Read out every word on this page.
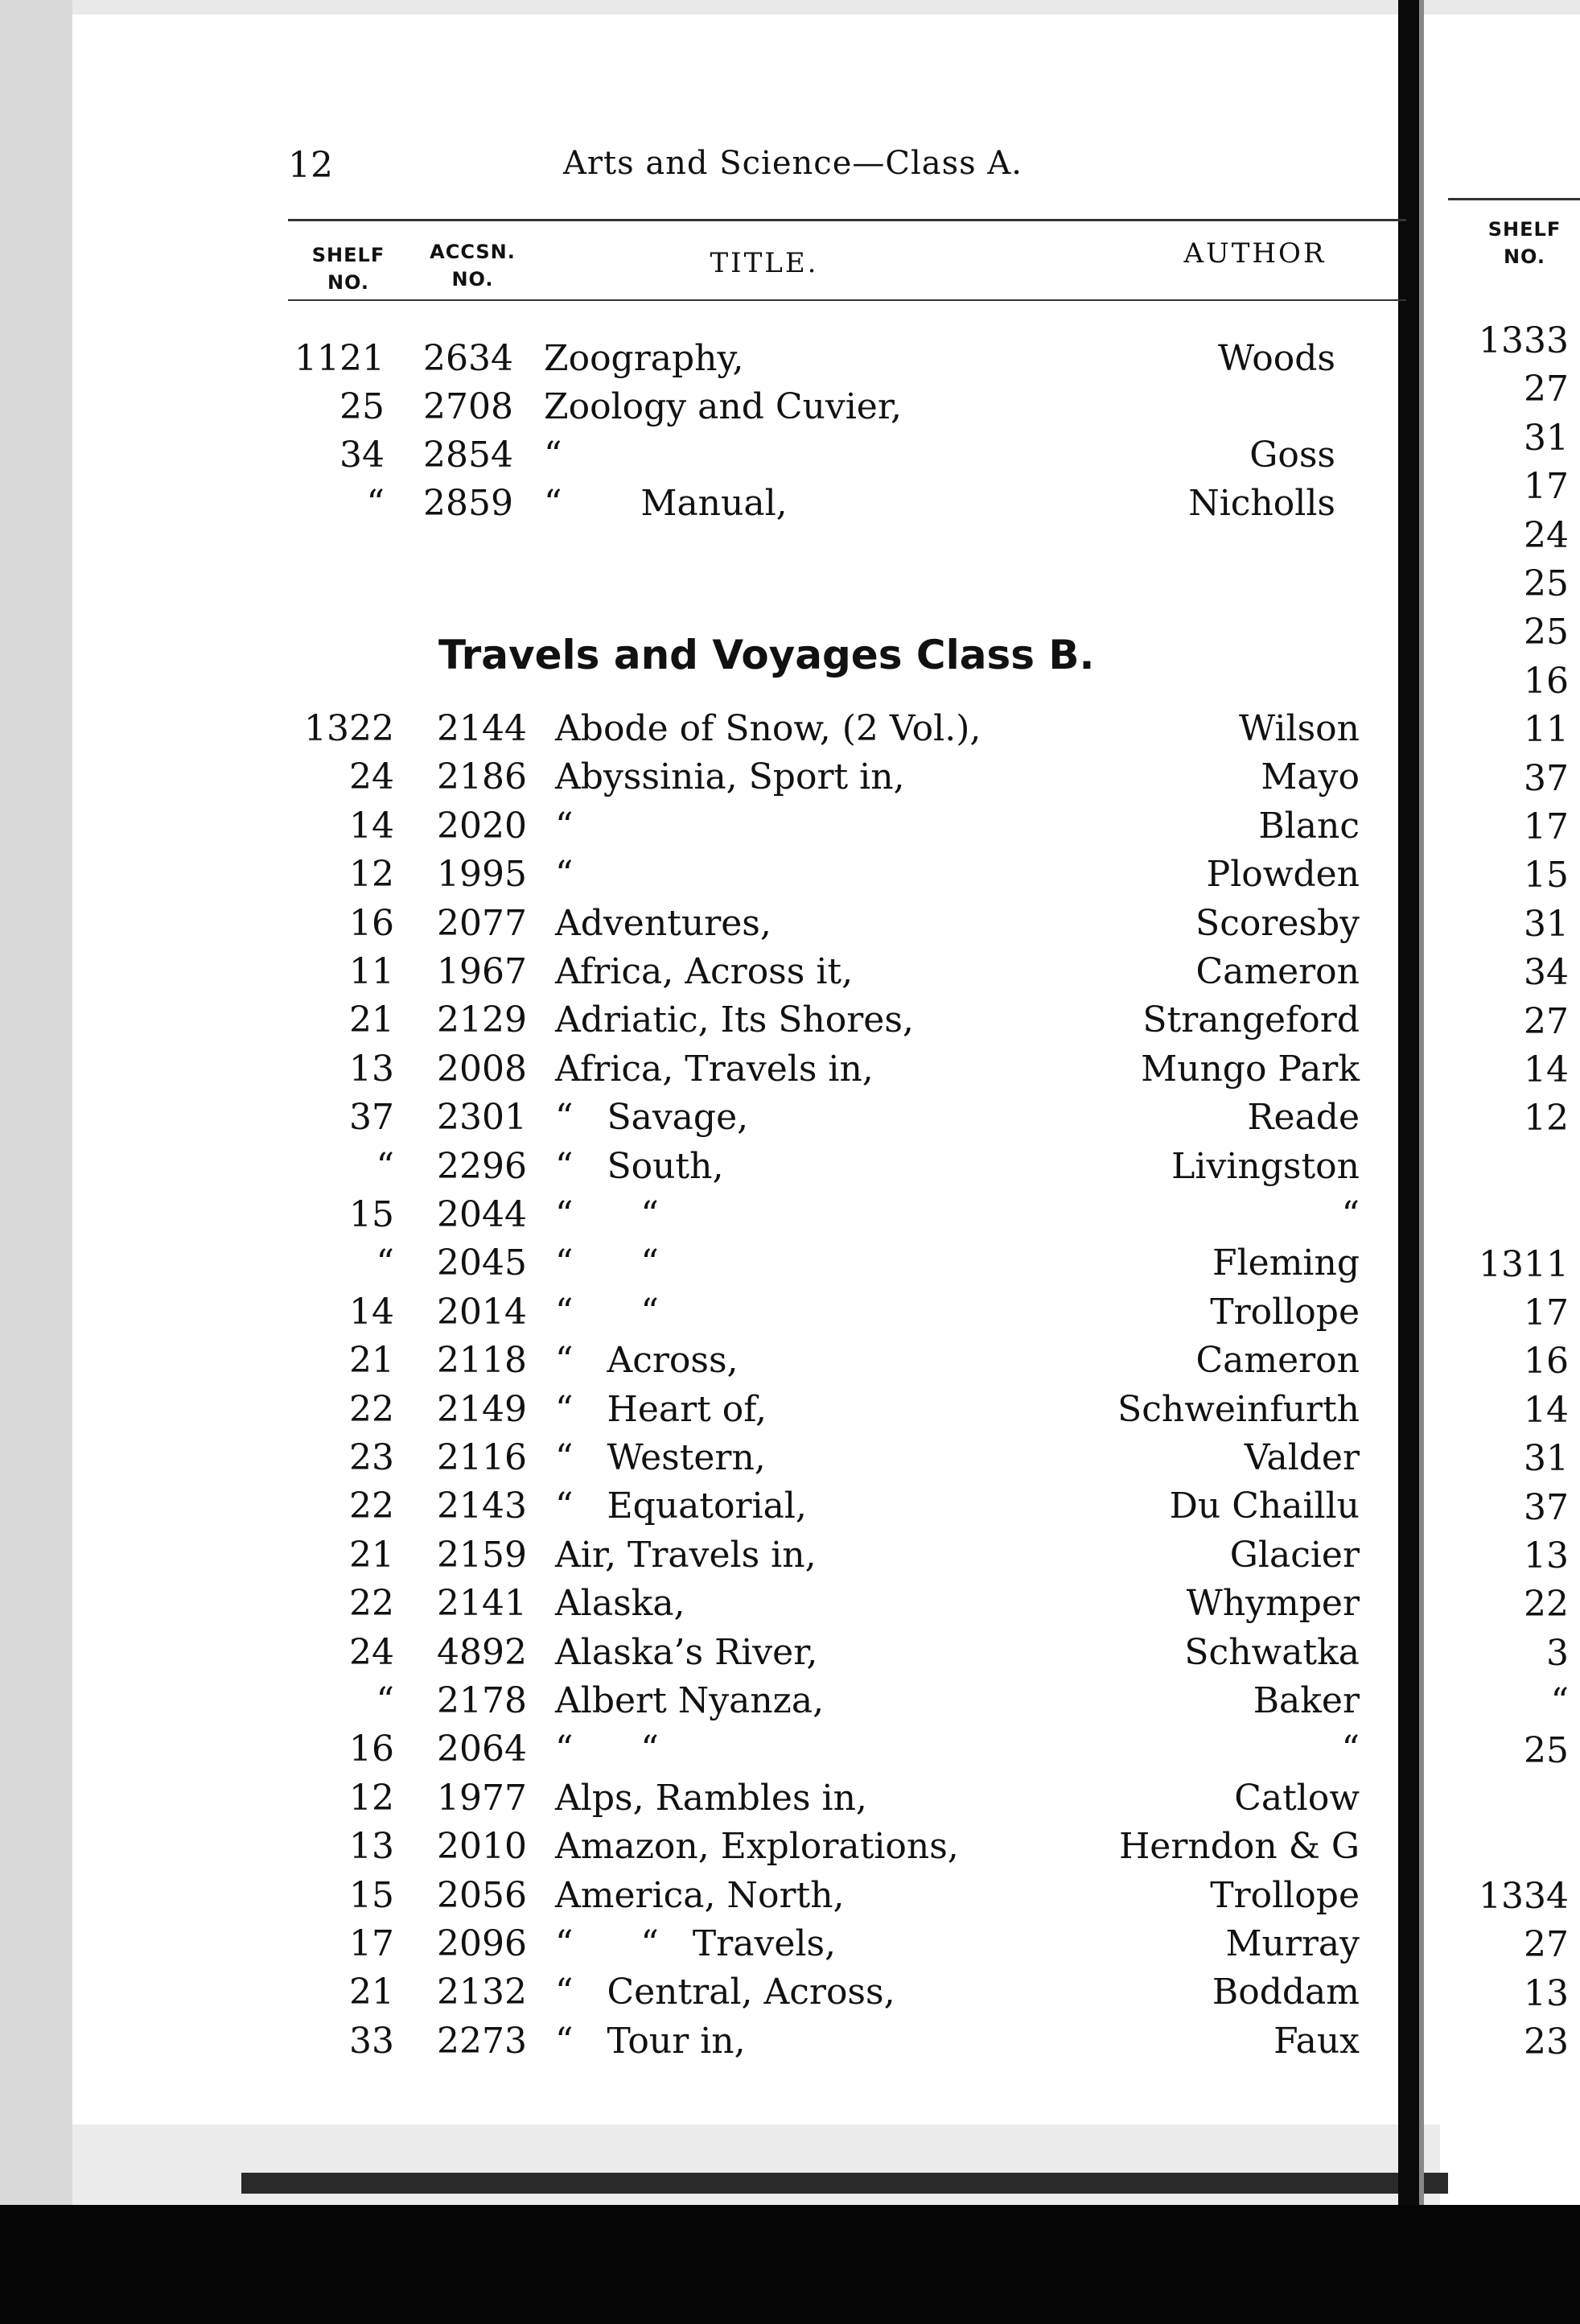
12	Arts and Science—Class A.
SHELF
NO.
ACCSN.
NO.	TITLE.	AUTHOR
SHELF
NO.
1121 2634 Zoography,	Woods
25 2708 Zoology and Cuvier,
34 2854 “	Goss
“ 2859 “       Manual,	Nicholls
Travels and Voyages Class B.
1322 2144 Abode of Snow, (2 Vol.),	Wilson
24 2186 Abyssinia, Sport in,	Mayo
14 2020 “	Blanc
12 1995 “	Plowden
16 2077 Adventures,	Scoresby
11 1967 Africa, Across it,	Cameron
21 2129 Adriatic, Its Shores,	Strangeford
13 2008 Africa, Travels in,	Mungo Park
37 2301 “   Savage,	Reade
“ 2296 “   South,	Livingston
15 2044 “      “	“
“ 2045 “      “	Fleming
14 2014 “      “	Trollope
21 2118 “   Across,	Cameron
22 2149 “   Heart of,	Schweinfurth
23 2116 “   Western,	Valder
22 2143 “   Equatorial,	Du Chaillu
21 2159 Air, Travels in,	Glacier
22 2141 Alaska,	Whymper
24 4892 Alaska’s River,	Schwatka
“ 2178 Albert Nyanza,	Baker
16 2064 “      “	“
12 1977 Alps, Rambles in,	Catlow
13 2010 Amazon, Explorations,	Herndon & G
15 2056 America, North,	Trollope
17 2096 “      “   Travels,	Murray
21 2132 “   Central, Across,	Boddam
33 2273 “   Tour in,	Faux
1333
27
31
17
24
25
25
16
11
37
17
15
31
34
27
14
12
1311
17
16
14
31
37
13
22
3
“
25
1334
27
13
23
